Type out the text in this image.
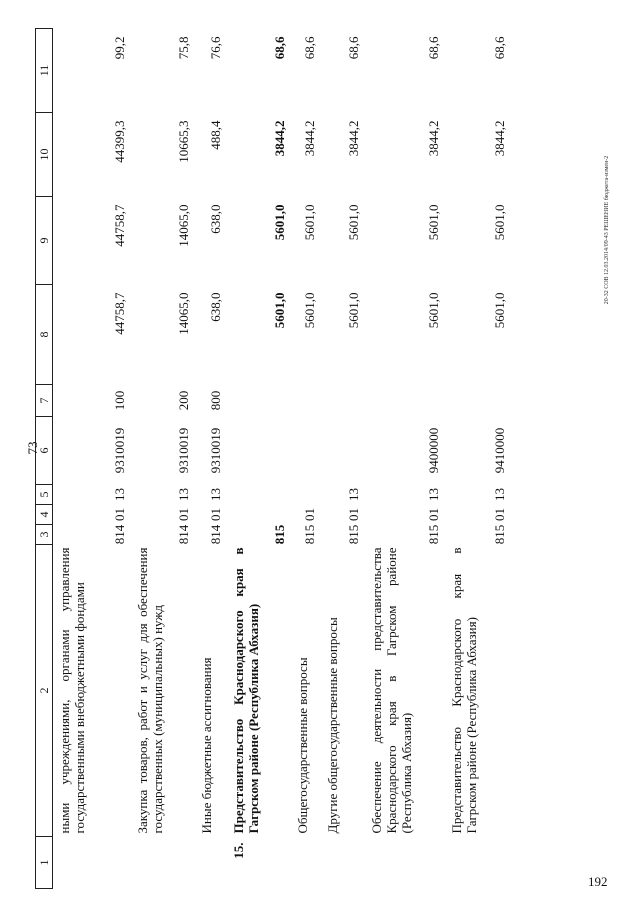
73
20-32 СОВ 12.03.2014/09-43 РЕШЕНИЕ бюджета-измен-2
1	2	3	4	5	6	7	8	9	10	11
	ными учреждениями, органами управления государственными внебюджетными фондами	814	01	13	9310019	100	44758,7	44758,7	44399,3	99,2
	Закупка товаров, работ и услуг для обеспечения государственных (муниципальных) нужд	814	01	13	9310019	200	14065,0	14065,0	10665,3	75,8
	Иные бюджетные ассигнования	814	01	13	9310019	800	638,0	638,0	488,4	76,6
15.	Представительство Краснодарского края в Гагрском районе (Республика Абхазия)	815					5601,0	5601,0	3844,2	68,6
	Общегосударственные вопросы	815	01				5601,0	5601,0	3844,2	68,6
	Другие общегосударственные вопросы	815	01	13			5601,0	5601,0	3844,2	68,6
	Обеспечение деятельности представительства Краснодарского края в Гагрском районе (Республика Абхазия)	815	01	13	9400000		5601,0	5601,0	3844,2	68,6
	Представительство Краснодарского края в Гагрском районе (Республика Абхазия)	815	01	13	9410000		5601,0	5601,0	3844,2	68,6
192
